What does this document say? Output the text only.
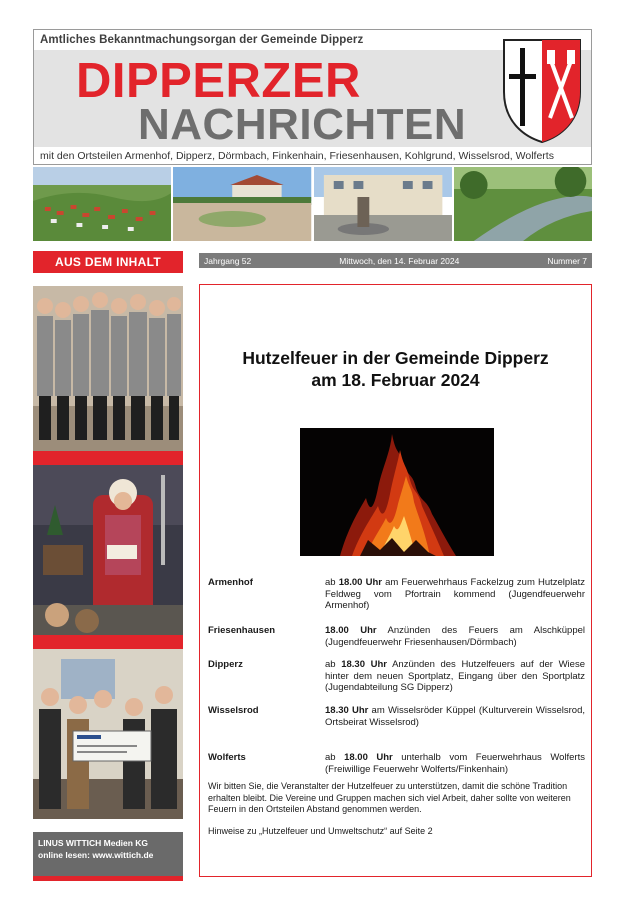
Amtliches Bekanntmachungsorgan der Gemeinde Dipperz
DIPPERZER
NACHRICHTEN
mit den Ortsteilen Armenhof, Dipperz, Dörmbach, Finkenhain, Friesenhausen, Kohlgrund, Wisselsrod, Wolferts
AUS DEM INHALT
LINUS WITTICH Medien KG
online lesen: www.wittich.de
Jahrgang 52	Mittwoch, den 14. Februar 2024	Nummer 7
Hutzelfeuer in der Gemeinde Dipperz
am 18. Februar 2024
Armenhof	ab 18.00 Uhr am Feuerwehrhaus Fackelzug zum Hutzelplatz Feldweg vom Pfortrain kommend (Jugendfeuerwehr Armenhof)
Friesenhausen	18.00 Uhr Anzünden des Feuers am Alschküppel (Jugendfeuerwehr Friesenhausen/Dörmbach)
Dipperz	ab 18.30 Uhr Anzünden des Hutzelfeuers auf der Wiese hinter dem neuen Sportplatz, Eingang über den Sportplatz (Jugendabteilung SG Dipperz)
Wisselsrod	18.30 Uhr am Wisselsröder Küppel (Kulturverein Wisselsrod, Ortsbeirat Wisselsrod)
Wolferts	ab 18.00 Uhr unterhalb vom Feuerwehrhaus Wolferts (Freiwillige Feuerwehr Wolferts/Finkenhain)
Wir bitten Sie, die Veranstalter der Hutzelfeuer zu unterstützen, damit die schöne Tradition erhalten bleibt. Die Vereine und Gruppen machen sich viel Arbeit, daher sollte von weiteren Feuern in den Ortsteilen Abstand genommen werden.
Hinweise zu „Hutzelfeuer und Umweltschutz“ auf Seite 2
